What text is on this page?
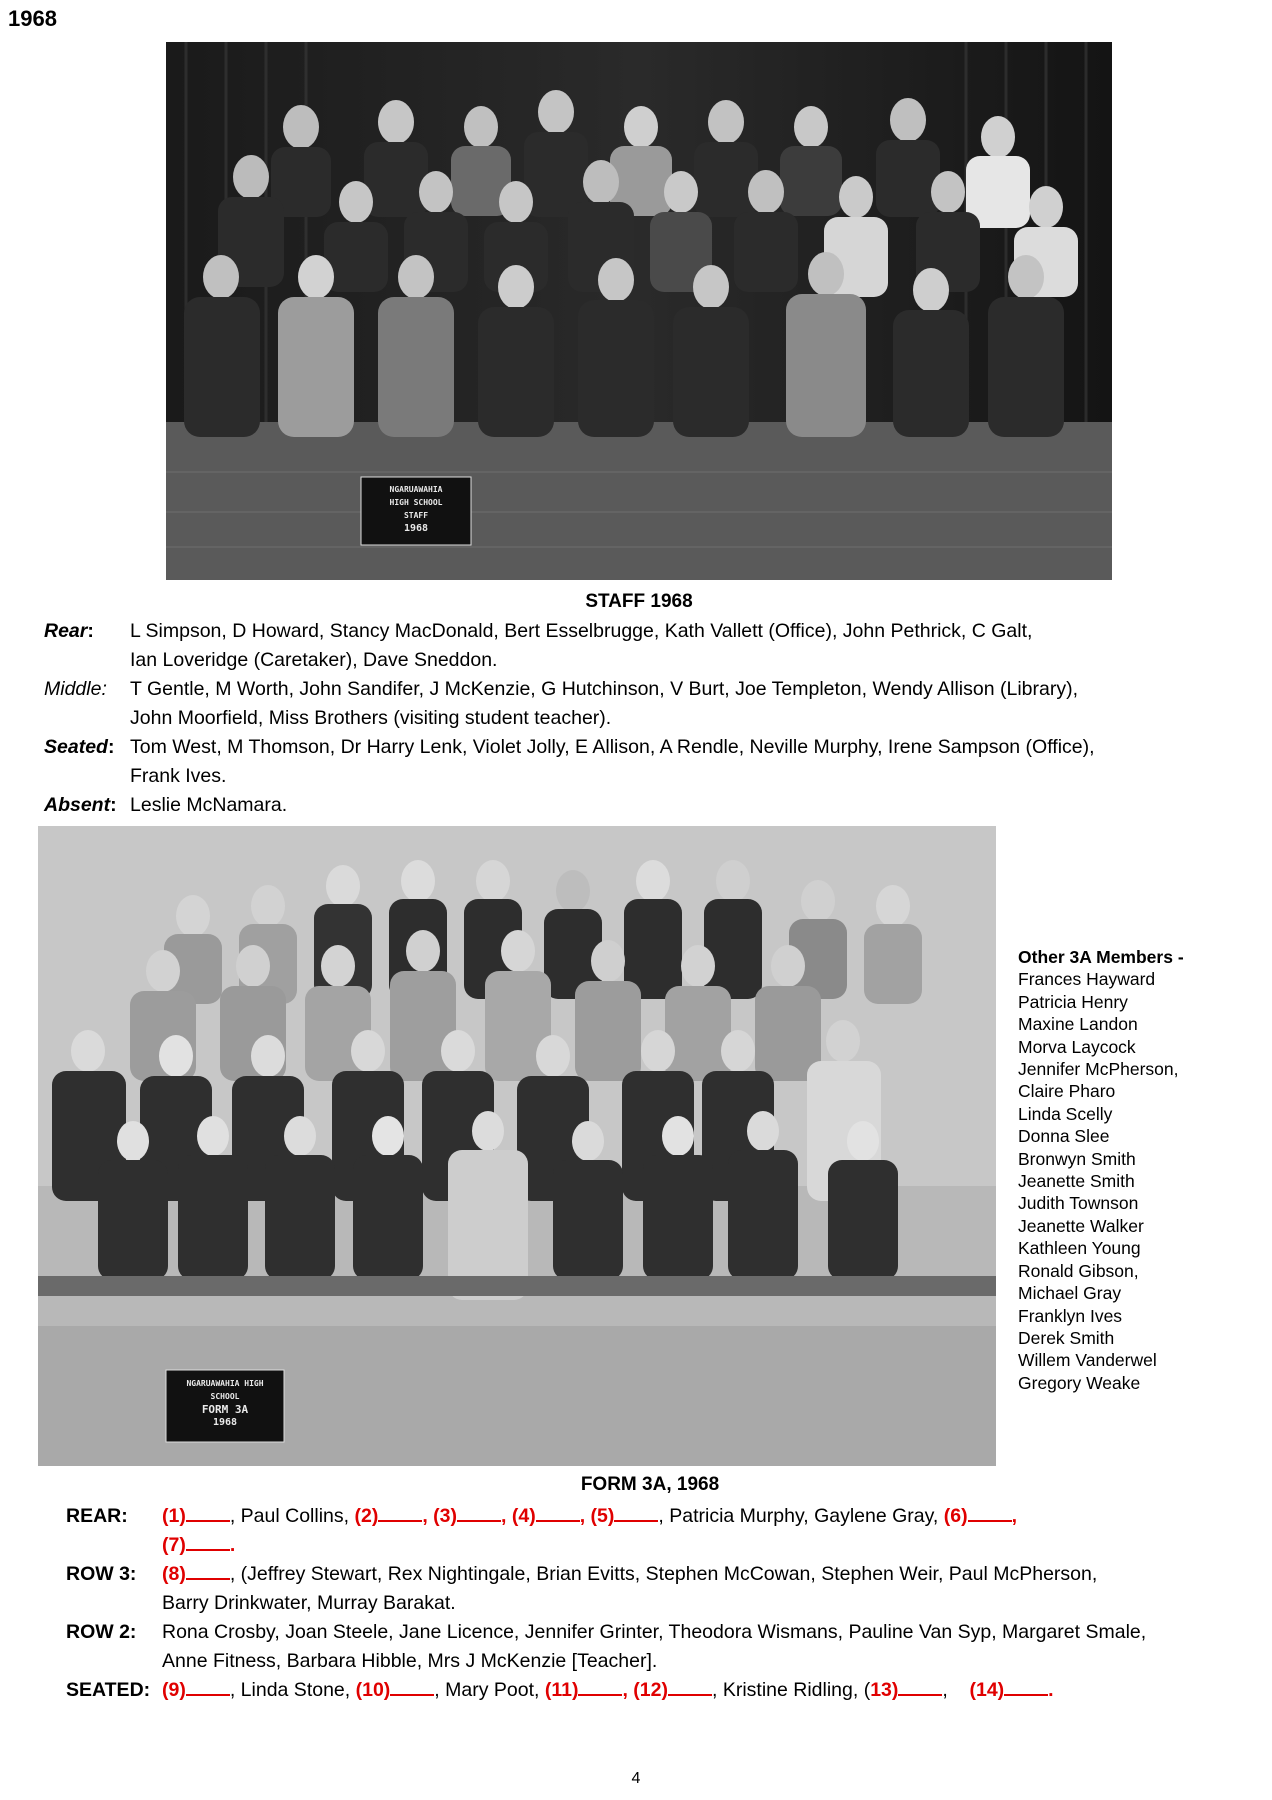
1968
NGARUAWAHIA
HIGH SCHOOL
STAFF
1968
STAFF 1968
Rear: L Simpson, D Howard, Stancy MacDonald, Bert Esselbrugge, Kath Vallett (Office), John Pethrick, C Galt,
Ian Loveridge (Caretaker), Dave Sneddon.
Middle: T Gentle, M Worth, John Sandifer, J McKenzie, G Hutchinson, V Burt, Joe Templeton, Wendy Allison (Library),
John Moorfield, Miss Brothers (visiting student teacher).
Seated: Tom West, M Thomson, Dr Harry Lenk, Violet Jolly, E Allison, A Rendle, Neville Murphy, Irene Sampson (Office),
Frank Ives.
Absent: Leslie McNamara.
NGARUAWAHIA HIGH
SCHOOL
FORM 3A
1968
Other 3A Members -
Frances Hayward
Patricia Henry
Maxine Landon
Morva Laycock
Jennifer McPherson,
Claire Pharo
Linda Scelly
Donna Slee
Bronwyn Smith
Jeanette Smith
Judith Townson
Jeanette Walker
Kathleen Young
Ronald Gibson,
Michael Gray
Franklyn Ives
Derek Smith
Willem Vanderwel
Gregory Weake
FORM 3A, 1968
REAR: (1) , Paul Collins, (2) , (3) , (4) , (5) , Patricia Murphy, Gaylene Gray, (6) ,
(7) .
ROW 3: (8) , (Jeffrey Stewart, Rex Nightingale, Brian Evitts, Stephen McCowan, Stephen Weir, Paul McPherson,
Barry Drinkwater, Murray Barakat.
ROW 2: Rona Crosby, Joan Steele, Jane Licence, Jennifer Grinter, Theodora Wismans, Pauline Van Syp, Margaret Smale,
Anne Fitness, Barbara Hibble, Mrs J McKenzie [Teacher].
SEATED: (9) , Linda Stone, (10) , Mary Poot, (11) , (12) , Kristine Ridling, (13) ,    (14) .
4
